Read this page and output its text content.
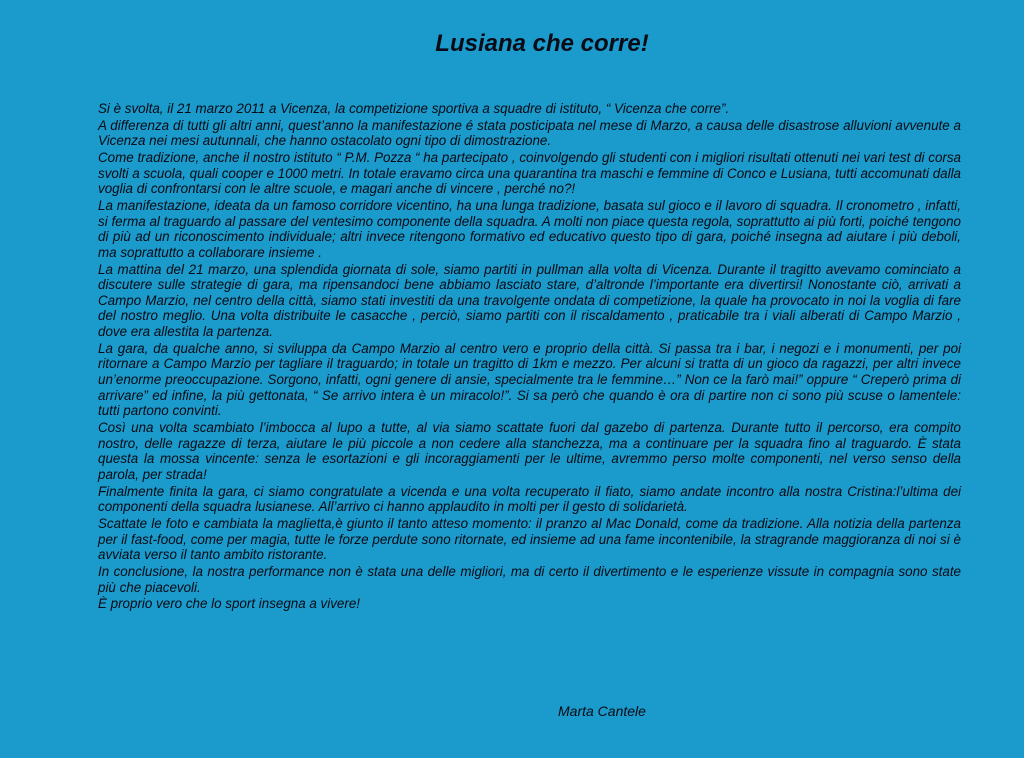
Lusiana che corre!

Si è svolta, il 21 marzo 2011 a Vicenza, la competizione sportiva a squadre di istituto, “ Vicenza che corre”.

A differenza di tutti gli altri anni, quest’anno la manifestazione é stata posticipata nel mese di Marzo, a causa delle disastrose alluvioni avvenute a Vicenza nei mesi autunnali, che hanno ostacolato ogni tipo di dimostrazione.

Come tradizione, anche il nostro istituto “ P.M. Pozza “ ha partecipato , coinvolgendo gli studenti con i migliori risultati ottenuti nei vari test di corsa svolti a scuola, quali cooper e 1000 metri. In totale eravamo circa una quarantina tra maschi e femmine di Conco e Lusiana, tutti accomunati dalla voglia di confrontarsi con le altre scuole, e magari anche di vincere , perché no?!

La manifestazione, ideata da un famoso corridore vicentino, ha una lunga tradizione, basata sul gioco e il lavoro di squadra. Il cronometro , infatti, si ferma al traguardo al passare del ventesimo componente della squadra. A molti non piace questa regola, soprattutto ai più forti, poiché tengono di più ad un riconoscimento individuale; altri invece ritengono formativo ed educativo questo tipo di gara, poiché insegna ad aiutare i più deboli, ma soprattutto a collaborare insieme .

La mattina del 21 marzo, una splendida giornata di sole, siamo partiti in pullman alla volta di Vicenza. Durante il tragitto avevamo cominciato a discutere sulle strategie di gara, ma ripensandoci bene abbiamo lasciato stare, d’altronde l’importante era divertirsi! Nonostante ciò, arrivati a Campo Marzio, nel centro della città, siamo stati investiti da una travolgente ondata di competizione, la quale ha provocato in noi la voglia di fare del nostro meglio. Una volta distribuite le casacche , perciò, siamo partiti con il riscaldamento , praticabile tra i viali alberati di Campo Marzio , dove era allestita la partenza.

La gara, da qualche anno, si sviluppa da Campo Marzio al centro vero e proprio della città. Si passa tra i bar, i negozi e i monumenti, per poi ritornare a Campo Marzio per tagliare il traguardo; in totale un tragitto di 1km e mezzo. Per alcuni si tratta di un gioco da ragazzi, per altri invece un’enorme preoccupazione. Sorgono, infatti, ogni genere di ansie, specialmente tra le femmine…” Non ce la farò mai!” oppure “ Creperò prima di arrivare” ed infine, la più gettonata, “ Se arrivo intera è un miracolo!”. Si sa però che quando è ora di partire non ci sono più scuse o lamentele: tutti partono convinti.

Così una volta scambiato l’imbocca al lupo a tutte, al via siamo scattate fuori dal gazebo di partenza. Durante tutto il percorso, era compito nostro, delle ragazze di terza, aiutare le più piccole a non cedere alla stanchezza, ma a continuare per la squadra fino al traguardo. È stata questa la mossa vincente: senza le esortazioni e gli incoraggiamenti per le ultime, avremmo perso molte componenti, nel verso senso della parola, per strada!

Finalmente finita la gara, ci siamo congratulate a vicenda e una volta recuperato il fiato, siamo andate incontro alla nostra Cristina:l’ultima dei componenti della squadra lusianese. All’arrivo ci hanno applaudito in molti per il gesto di solidarietà.

Scattate le foto e cambiata la maglietta,è giunto il tanto atteso momento: il pranzo al Mac Donald, come da tradizione. Alla notizia della partenza per il fast-food, come per magia, tutte le forze perdute sono ritornate, ed insieme ad una fame incontenibile, la stragrande maggioranza di noi si è avviata verso il tanto ambito ristorante.

In conclusione, la nostra performance non è stata una delle migliori, ma di certo il divertimento e le esperienze vissute in compagnia sono state più che piacevoli.

È proprio vero che lo sport insegna a vivere!

Marta Cantele
